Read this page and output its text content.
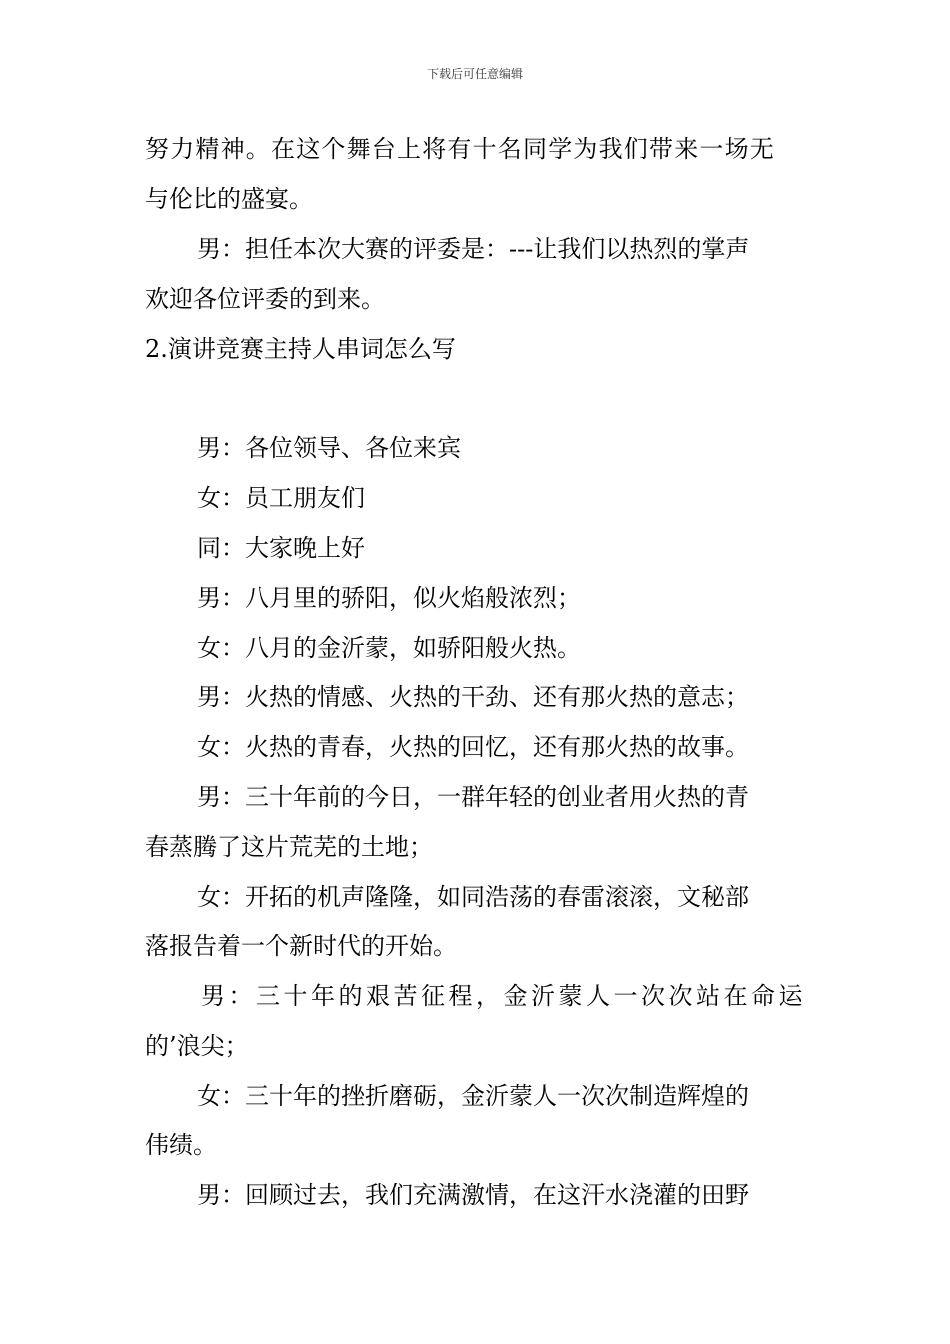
下载后可任意编辑
努力精神。在这个舞台上将有十名同学为我们带来一场无
与伦比的盛宴。
男：担任本次大赛的评委是：---让我们以热烈的掌声
欢迎各位评委的到来。
2.演讲竞赛主持人串词怎么写
男：各位领导、各位来宾
女：员工朋友们
同：大家晚上好
男：八月里的骄阳，似火焰般浓烈；
女：八月的金沂蒙，如骄阳般火热。
男：火热的情感、火热的干劲、还有那火热的意志；
女：火热的青春，火热的回忆，还有那火热的故事。
男：三十年前的今日，一群年轻的创业者用火热的青
春蒸腾了这片荒芜的土地；
女：开拓的机声隆隆，如同浩荡的春雷滚滚，文秘部
落报告着一个新时代的开始。
男：三十年的艰苦征程，金沂蒙人一次次站在命运
的’浪尖；
女：三十年的挫折磨砺，金沂蒙人一次次制造辉煌的
伟绩。
男：回顾过去，我们充满激情，在这汗水浇灌的田野
